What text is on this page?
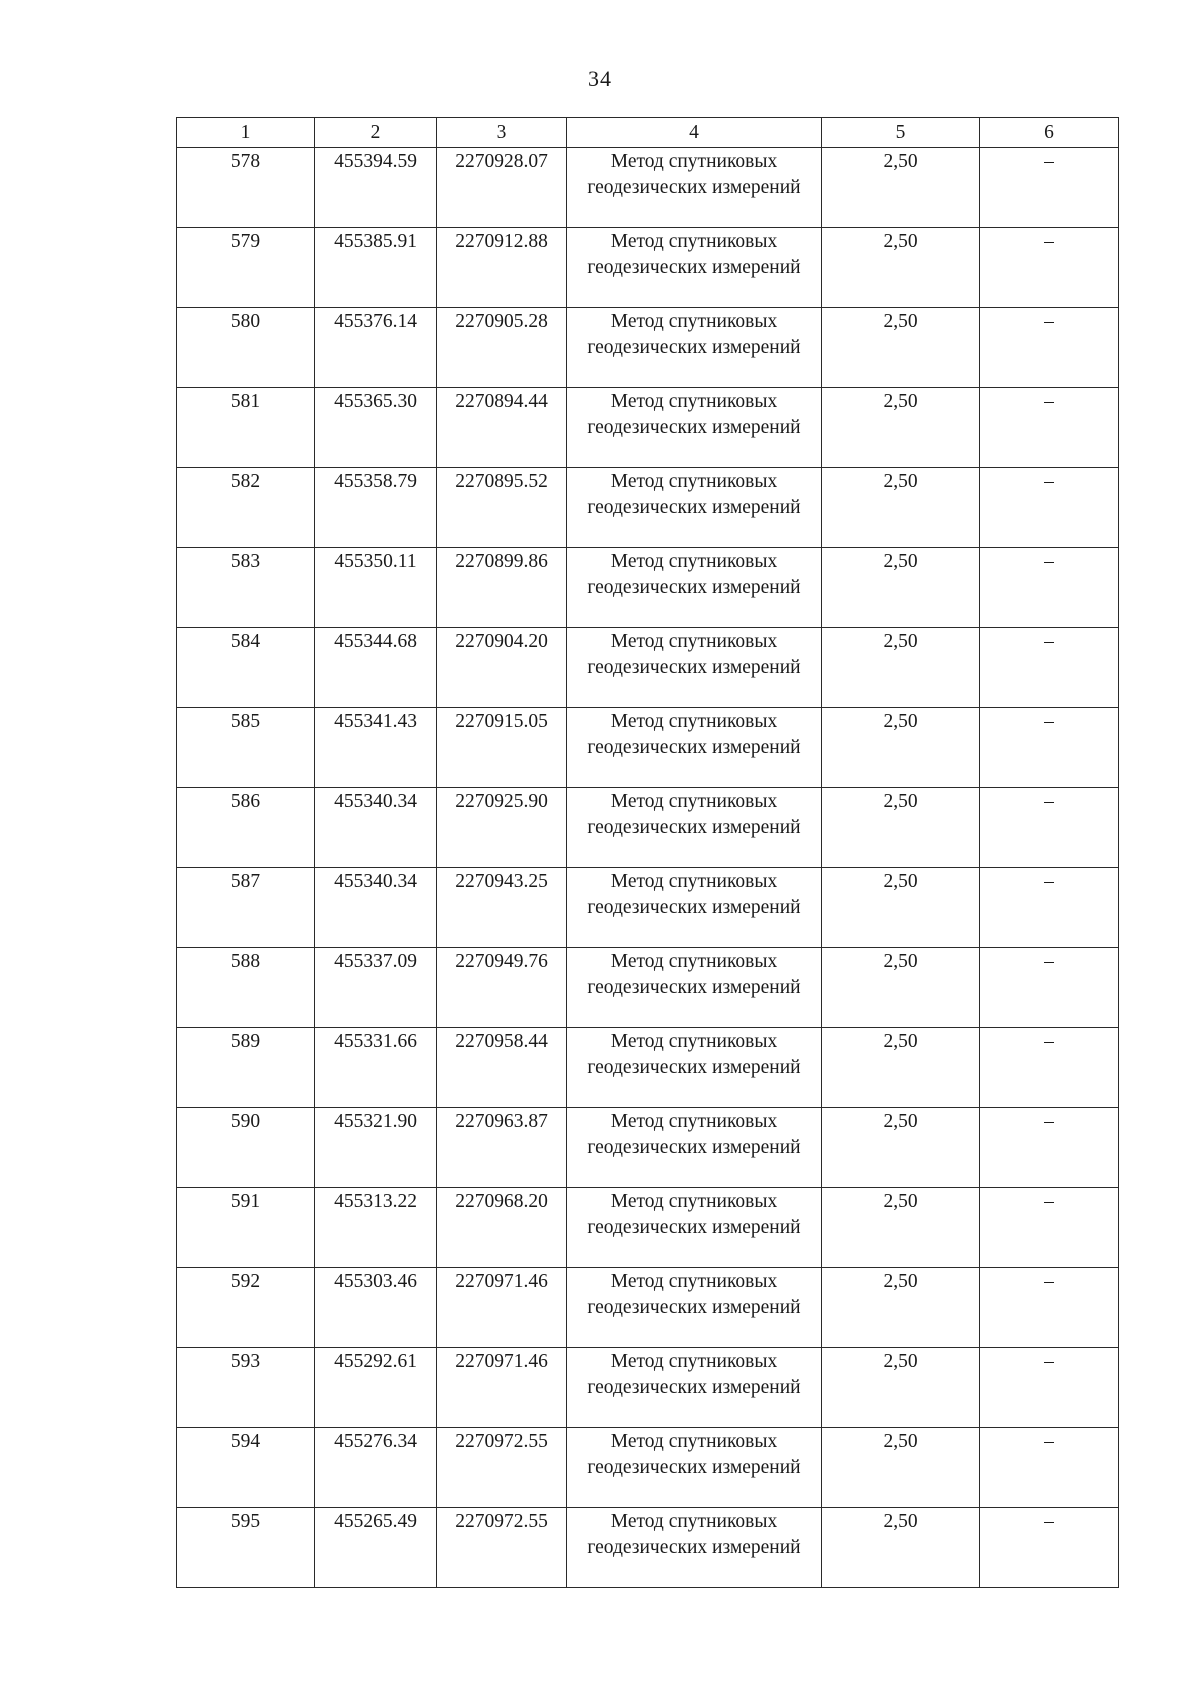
34
1	2	3	4	5	6
578	455394.59	2270928.07	Метод спутниковых геодезических измерений	2,50	–
579	455385.91	2270912.88	Метод спутниковых геодезических измерений	2,50	–
580	455376.14	2270905.28	Метод спутниковых геодезических измерений	2,50	–
581	455365.30	2270894.44	Метод спутниковых геодезических измерений	2,50	–
582	455358.79	2270895.52	Метод спутниковых геодезических измерений	2,50	–
583	455350.11	2270899.86	Метод спутниковых геодезических измерений	2,50	–
584	455344.68	2270904.20	Метод спутниковых геодезических измерений	2,50	–
585	455341.43	2270915.05	Метод спутниковых геодезических измерений	2,50	–
586	455340.34	2270925.90	Метод спутниковых геодезических измерений	2,50	–
587	455340.34	2270943.25	Метод спутниковых геодезических измерений	2,50	–
588	455337.09	2270949.76	Метод спутниковых геодезических измерений	2,50	–
589	455331.66	2270958.44	Метод спутниковых геодезических измерений	2,50	–
590	455321.90	2270963.87	Метод спутниковых геодезических измерений	2,50	–
591	455313.22	2270968.20	Метод спутниковых геодезических измерений	2,50	–
592	455303.46	2270971.46	Метод спутниковых геодезических измерений	2,50	–
593	455292.61	2270971.46	Метод спутниковых геодезических измерений	2,50	–
594	455276.34	2270972.55	Метод спутниковых геодезических измерений	2,50	–
595	455265.49	2270972.55	Метод спутниковых геодезических измерений	2,50	–
